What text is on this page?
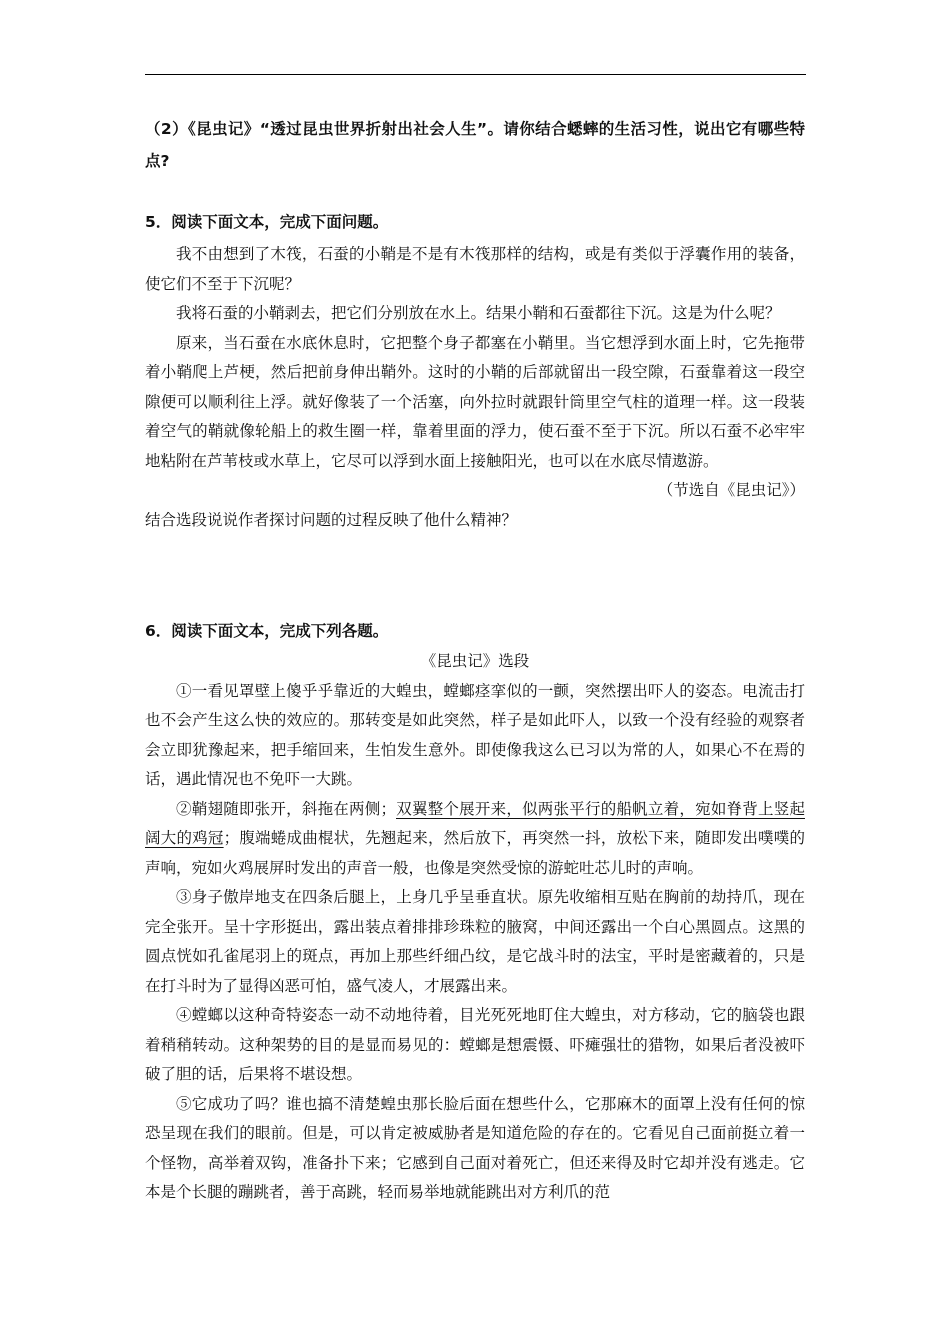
（2）《昆虫记》“透过昆虫世界折射出社会人生”。请你结合蟋蟀的生活习性，说出它有哪些特点?

5．阅读下面文本，完成下面问题。

我不由想到了木筏，石蚕的小鞘是不是有木筏那样的结构，或是有类似于浮囊作用的装备，使它们不至于下沉呢？

我将石蚕的小鞘剥去，把它们分别放在水上。结果小鞘和石蚕都往下沉。这是为什么呢？

原来，当石蚕在水底休息时，它把整个身子都塞在小鞘里。当它想浮到水面上时，它先拖带着小鞘爬上芦梗，然后把前身伸出鞘外。这时的小鞘的后部就留出一段空隙，石蚕靠着这一段空隙便可以顺利往上浮。就好像装了一个活塞，向外拉时就跟针筒里空气柱的道理一样。这一段装着空气的鞘就像轮船上的救生圈一样，靠着里面的浮力，使石蚕不至于下沉。所以石蚕不必牢牢地粘附在芦苇枝或水草上，它尽可以浮到水面上接触阳光，也可以在水底尽情遨游。

（节选自《昆虫记》）

结合选段说说作者探讨问题的过程反映了他什么精神？

6．阅读下面文本，完成下列各题。

《昆虫记》选段

①一看见罩壁上傻乎乎靠近的大蝗虫，螳螂痉挛似的一颤，突然摆出吓人的姿态。电流击打也不会产生这么快的效应的。那转变是如此突然，样子是如此吓人，以致一个没有经验的观察者会立即犹豫起来，把手缩回来，生怕发生意外。即使像我这么已习以为常的人，如果心不在焉的话，遇此情况也不免吓一大跳。

②鞘翅随即张开，斜拖在两侧；双翼整个展开来，似两张平行的船帆立着，宛如脊背上竖起阔大的鸡冠；腹端蜷成曲棍状，先翘起来，然后放下，再突然一抖，放松下来，随即发出噗噗的声响，宛如火鸡展屏时发出的声音一般，也像是突然受惊的游蛇吐芯儿时的声响。

③身子傲岸地支在四条后腿上，上身几乎呈垂直状。原先收缩相互贴在胸前的劫持爪，现在完全张开。呈十字形挺出，露出装点着排排珍珠粒的腋窝，中间还露出一个白心黑圆点。这黑的圆点恍如孔雀尾羽上的斑点，再加上那些纤细凸纹，是它战斗时的法宝，平时是密藏着的，只是在打斗时为了显得凶恶可怕，盛气凌人，才展露出来。

④螳螂以这种奇特姿态一动不动地待着，目光死死地盯住大蝗虫，对方移动，它的脑袋也跟着稍稍转动。这种架势的目的是显而易见的：螳螂是想震慑、吓瘫强壮的猎物，如果后者没被吓破了胆的话，后果将不堪设想。

⑤它成功了吗？谁也搞不清楚蝗虫那长脸后面在想些什么，它那麻木的面罩上没有任何的惊恐呈现在我们的眼前。但是，可以肯定被威胁者是知道危险的存在的。它看见自己面前挺立着一个怪物，高举着双钩，准备扑下来；它感到自己面对着死亡，但还来得及时它却并没有逃走。它本是个长腿的蹦跳者，善于高跳，轻而易举地就能跳出对方利爪的范
